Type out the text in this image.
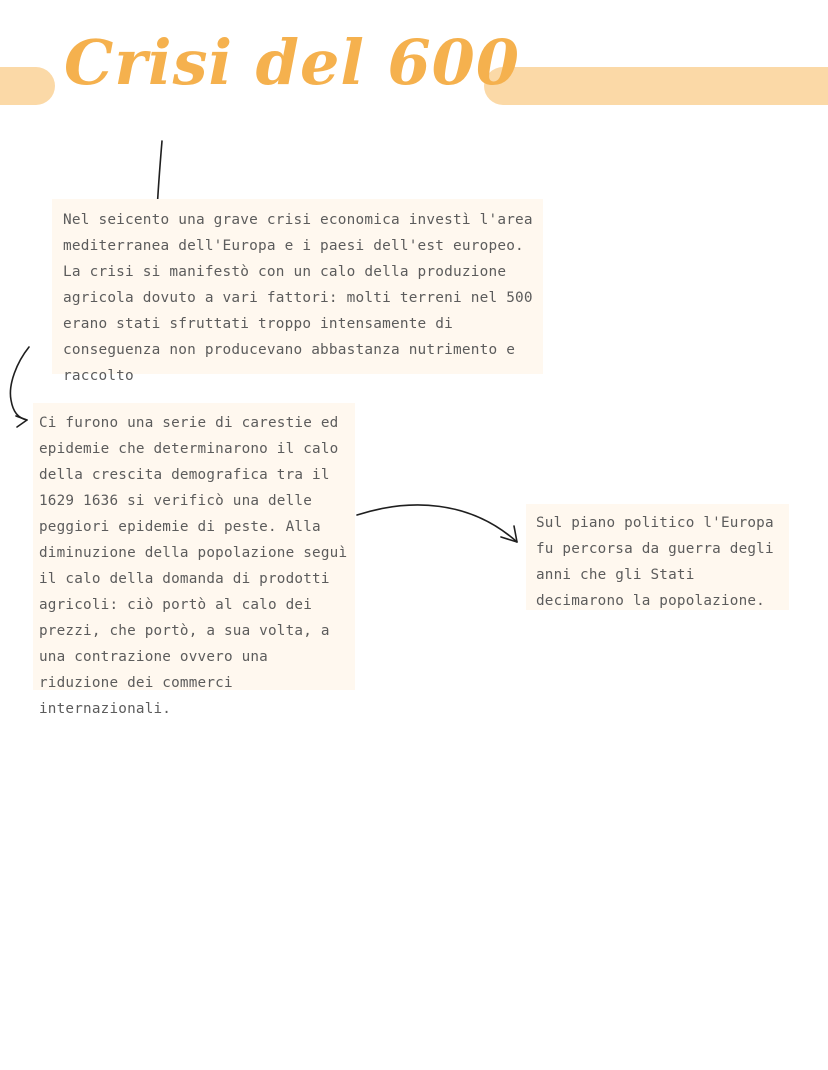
Crisi del 600

Nel seicento una grave crisi economica investì l'area mediterranea dell'Europa e i paesi dell'est europeo. La crisi si manifestò con un calo della produzione agricola dovuto a vari fattori: molti terreni nel 500 erano stati sfruttati troppo intensamente di conseguenza non producevano abbastanza nutrimento e raccolto

Ci furono una serie di carestie ed epidemie che determinarono il calo della crescita demografica tra il 1629 1636 si verificò una delle peggiori epidemie di peste. Alla diminuzione della popolazione seguì il calo della domanda di prodotti agricoli: ciò portò al calo dei prezzi, che portò, a sua volta, a una contrazione ovvero una riduzione dei commerci internazionali.

Sul piano politico l'Europa fu percorsa da guerra degli anni che gli Stati decimarono la popolazione.
